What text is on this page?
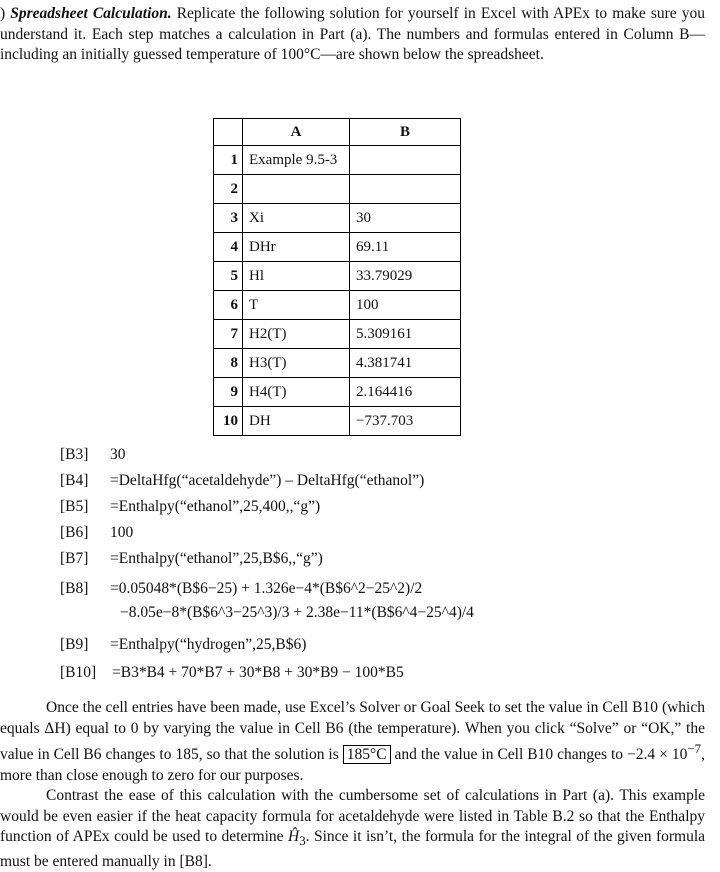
) Spreadsheet Calculation. Replicate the following solution for yourself in Excel with APEx to make sure you understand it. Each step matches a calculation in Part (a). The numbers and formulas entered in Column B—including an initially guessed temperature of 100°C—are shown below the spreadsheet.
	A	B
1	Example 9.5-3	
2		
3	Xi	30
4	DHr	69.11
5	Hl	33.79029
6	T	100
7	H2(T)	5.309161
8	H3(T)	4.381741
9	H4(T)	2.164416
10	DH	−737.703
[B3] 30
[B4] =DeltaHfg(“acetaldehyde”) – DeltaHfg(“ethanol”)
[B5] =Enthalpy(“ethanol”,25,400,,“g”)
[B6] 100
[B7] =Enthalpy(“ethanol”,25,B$6,,“g”)
[B8] =0.05048*(B$6−25) + 1.326e−4*(B$6^2−25^2)/2
−8.05e−8*(B$6^3−25^3)/3 + 2.38e−11*(B$6^4−25^4)/4
[B9] =Enthalpy(“hydrogen”,25,B$6)
[B10] =B3*B4 + 70*B7 + 30*B8 + 30*B9 − 100*B5

Once the cell entries have been made, use Excel’s Solver or Goal Seek to set the value in Cell B10 (which equals ΔH) equal to 0 by varying the value in Cell B6 (the temperature). When you click “Solve” or “OK,” the value in Cell B6 changes to 185, so that the solution is 185°C and the value in Cell B10 changes to $-2.4 \times 10^{-7}$, more than close enough to zero for our purposes.

Contrast the ease of this calculation with the cumbersome set of calculations in Part (a). This example would be even easier if the heat capacity formula for acetaldehyde were listed in Table B.2 so that the Enthalpy function of APEx could be used to determine $Ĥ_3$. Since it isn’t, the formula for the integral of the given formula must be entered manually in [B8].
